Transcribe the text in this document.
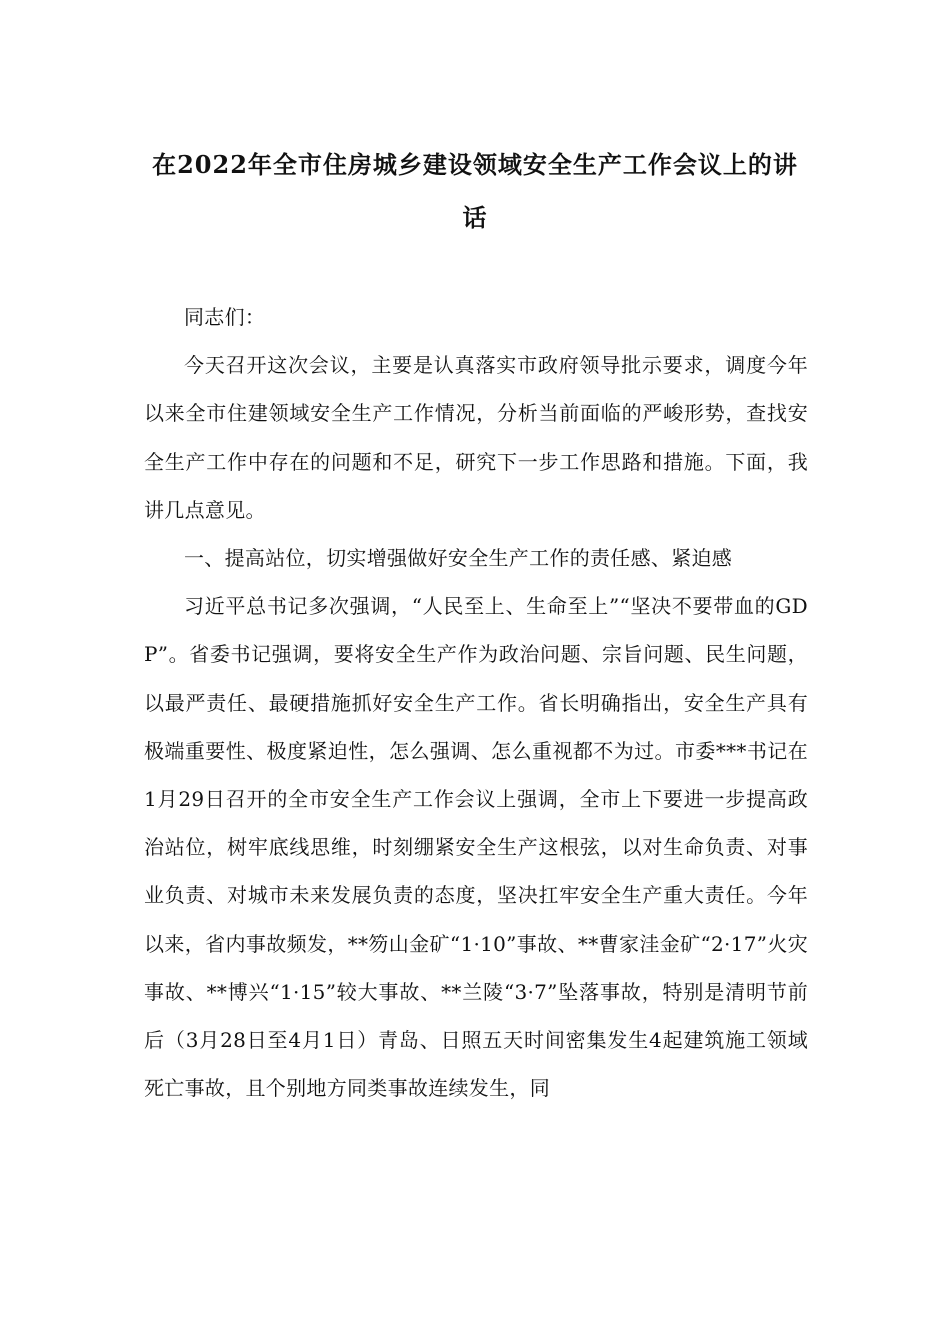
在2022年全市住房城乡建设领域安全生产工作会议上的讲话

同志们：

今天召开这次会议，主要是认真落实市政府领导批示要求，调度今年以来全市住建领域安全生产工作情况，分析当前面临的严峻形势，查找安全生产工作中存在的问题和不足，研究下一步工作思路和措施。下面，我讲几点意见。

一、提高站位，切实增强做好安全生产工作的责任感、紧迫感

习近平总书记多次强调，“人民至上、生命至上”“坚决不要带血的GDP”。省委书记强调，要将安全生产作为政治问题、宗旨问题、民生问题，以最严责任、最硬措施抓好安全生产工作。省长明确指出，安全生产具有极端重要性、极度紧迫性，怎么强调、怎么重视都不为过。市委***书记在1月29日召开的全市安全生产工作会议上强调，全市上下要进一步提高政治站位，树牢底线思维，时刻绷紧安全生产这根弦，以对生命负责、对事业负责、对城市未来发展负责的态度，坚决扛牢安全生产重大责任。今年以来，省内事故频发，**笏山金矿“1·10”事故、**曹家洼金矿“2·17”火灾事故、**博兴“1·15”较大事故、**兰陵“3·7”坠落事故，特别是清明节前后（3月28日至4月1日）青岛、日照五天时间密集发生4起建筑施工领域死亡事故，且个别地方同类事故连续发生，同
